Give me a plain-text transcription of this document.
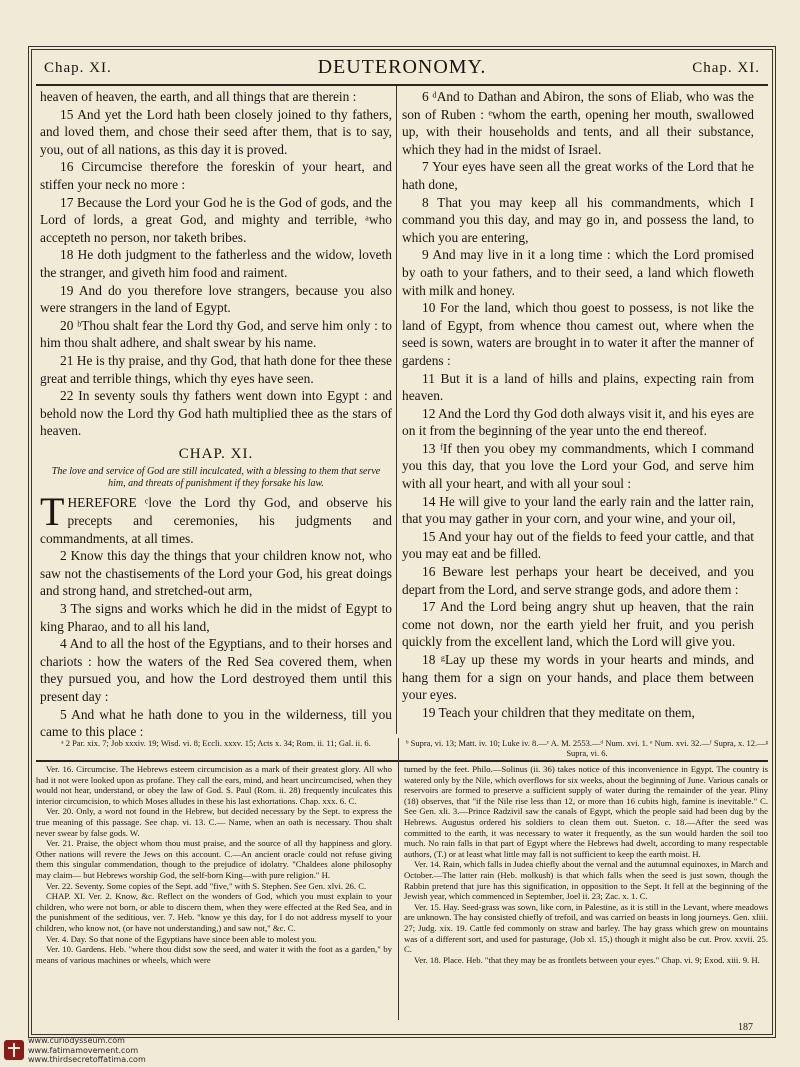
Chap. XI.	DEUTERONOMY.	Chap. XI.

heaven of heaven, the earth, and all things that are therein :

15 And yet the Lord hath been closely joined to thy fathers, and loved them, and chose their seed after them, that is to say, you, out of all nations, as this day it is proved.

16 Circumcise therefore the foreskin of your heart, and stiffen your neck no more :

17 Because the Lord your God he is the God of gods, and the Lord of lords, a great God, and mighty and terrible, ᵃwho accepteth no person, nor taketh bribes.

18 He doth judgment to the fatherless and the widow, loveth the stranger, and giveth him food and raiment.

19 And do you therefore love strangers, because you also were strangers in the land of Egypt.

20 ᵇThou shalt fear the Lord thy God, and serve him only : to him thou shalt adhere, and shalt swear by his name.

21 He is thy praise, and thy God, that hath done for thee these great and terrible things, which thy eyes have seen.

22 In seventy souls thy fathers went down into Egypt : and behold now the Lord thy God hath multiplied thee as the stars of heaven.

CHAP. XI.
The love and service of God are still inculcated, with a blessing to them that serve him, and threats of punishment if they forsake his law.

THEREFORE ᶜlove the Lord thy God, and observe his precepts and ceremonies, his judgments and commandments, at all times.

2 Know this day the things that your children know not, who saw not the chastisements of the Lord your God, his great doings and strong hand, and stretched-out arm,

3 The signs and works which he did in the midst of Egypt to king Pharao, and to all his land,

4 And to all the host of the Egyptians, and to their horses and chariots : how the waters of the Red Sea covered them, when they pursued you, and how the Lord destroyed them until this present day :

5 And what he hath done to you in the wilderness, till you came to this place :

6 ᵈAnd to Dathan and Abiron, the sons of Eliab, who was the son of Ruben : ᵉwhom the earth, opening her mouth, swallowed up, with their households and tents, and all their substance, which they had in the midst of Israel.

7 Your eyes have seen all the great works of the Lord that he hath done,

8 That you may keep all his commandments, which I command you this day, and may go in, and possess the land, to which you are entering,

9 And may live in it a long time : which the Lord promised by oath to your fathers, and to their seed, a land which floweth with milk and honey.

10 For the land, which thou goest to possess, is not like the land of Egypt, from whence thou camest out, where when the seed is sown, waters are brought in to water it after the manner of gardens :

11 But it is a land of hills and plains, expecting rain from heaven.

12 And the Lord thy God doth always visit it, and his eyes are on it from the beginning of the year unto the end thereof.

13 ᶠIf then you obey my commandments, which I command you this day, that you love the Lord your God, and serve him with all your heart, and with all your soul :

14 He will give to your land the early rain and the latter rain, that you may gather in your corn, and your wine, and your oil,

15 And your hay out of the fields to feed your cattle, and that you may eat and be filled.

16 Beware lest perhaps your heart be deceived, and you depart from the Lord, and serve strange gods, and adore them :

17 And the Lord being angry shut up heaven, that the rain come not down, nor the earth yield her fruit, and you perish quickly from the excellent land, which the Lord will give you.

18 ᵍLay up these my words in your hearts and minds, and hang them for a sign on your hands, and place them between your eyes.

19 Teach your children that they meditate on them,

ᵃ 2 Par. xix. 7; Job xxxiv. 19; Wisd. vi. 8; Eccli. xxxv. 15; Acts x. 34; Rom. ii. 11; Gal. ii. 6.	ᵇ Supra, vi. 13; Matt. iv. 10; Luke iv. 8.—ᶜ A. M. 2553.—ᵈ Num. xvi. 1. ᵉ Num. xvi. 32.—ᶠ Supra, x. 12.—ᵍ Supra, vi. 6.

Ver. 16. Circumcise. The Hebrews esteem circumcision as a mark of their greatest glory. All who had it not were looked upon as profane. They call the ears, mind, and heart uncircumcised, when they would not hear, understand, or obey the law of God. S. Paul (Rom. ii. 28) frequently inculcates this interior circumcision, to which Moses alludes in these his last exhortations. Chap. xxx. 6. C.

Ver. 20. Only, a word not found in the Hebrew, but decided necessary by the Sept. to express the true meaning of this passage. See chap. vi. 13. C.— Name, when an oath is necessary. Thou shalt never swear by false gods. W.

Ver. 21. Praise, the object whom thou must praise, and the source of all thy happiness and glory. Other nations will revere the Jews on this account. C.—An ancient oracle could not refuse giving them this singular commendation, though to the prejudice of idolatry. "Chaldees alone philosophy may claim— but Hebrews worship God, the self-born King—with pure religion." H.

Ver. 22. Seventy. Some copies of the Sept. add "five," with S. Stephen. See Gen. xlvi. 26. C.

CHAP. XI. Ver. 2. Know, &c. Reflect on the wonders of God, which you must explain to your children, who were not born, or able to discern them, when they were effected at the Red Sea, and in the punishment of the seditious, ver. 7. Heb. "know ye this day, for I do not address myself to your children, who know not, (or have not understanding,) and saw not," &c. C.

Ver. 4. Day. So that none of the Egyptians have since been able to molest you.

Ver. 10. Gardens. Heb. "where thou didst sow the seed, and water it with the foot as a garden," by means of various machines or wheels, which were

turned by the feet. Philo.—Solinus (ii. 36) takes notice of this inconvenience in Egypt. The country is watered only by the Nile, which overflows for six weeks, about the beginning of June. Various canals or reservoirs are formed to preserve a sufficient supply of water during the remainder of the year. Pliny (18) observes, that "if the Nile rise less than 12, or more than 16 cubits high, famine is inevitable." C. See Gen. xli. 3.—Prince Radzivil saw the canals of Egypt, which the people said had been dug by the Hebrews. Augustus ordered his soldiers to clean them out. Sueton. c. 18.—After the seed was committed to the earth, it was necessary to water it frequently, as the sun would harden the soil too much. No rain falls in that part of Egypt where the Hebrews had dwelt, according to many respectable authors, (T.) or at least what little may fall is not sufficient to keep the earth moist. H.

Ver. 14. Rain, which falls in Judea chiefly about the vernal and the autumnal equinoxes, in March and October.—The latter rain (Heb. molkush) is that which falls when the seed is just sown, though the Rabbin pretend that jure has this signification, in opposition to the Sept. It fell at the beginning of the Jewish year, which commenced in September, Joel ii. 23; Zac. x. 1. C.

Ver. 15. Hay. Seed-grass was sown, like corn, in Palestine, as it is still in the Levant, where meadows are unknown. The hay consisted chiefly of trefoil, and was carried on beasts in long journeys. Gen. xliii. 27; Judg. xix. 19. Cattle fed commonly on straw and barley. The hay grass which grew on mountains was of a different sort, and used for pasturage, (Job xl. 15,) though it might also be cut. Prov. xxvii. 25. C.

Ver. 18. Place. Heb. "that they may be as frontlets between your eyes." Chap. vi. 9; Exod. xiii. 9. H.

187
www.curiodysseum.com
www.fatimamovement.com
www.thirdsecretoffatima.com
